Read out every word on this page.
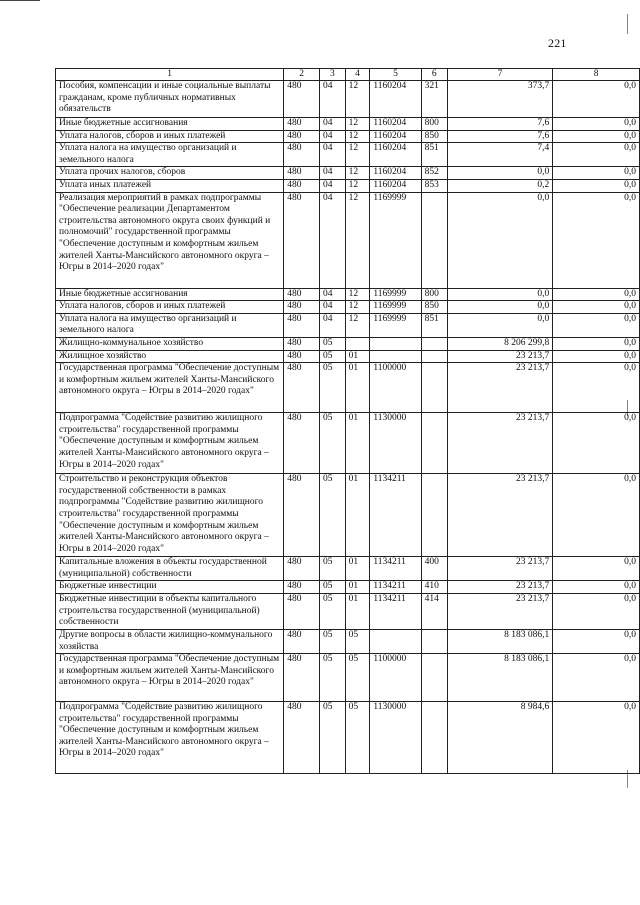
221
1	2	3	4	5	6	7	8
Пособия, компенсации и иные социальные выплаты гражданам, кроме публичных нормативных обязательств	480	04	12	1160204	321	373,7	0,0
Иные бюджетные ассигнования	480	04	12	1160204	800	7,6	0,0
Уплата налогов, сборов и иных платежей	480	04	12	1160204	850	7,6	0,0
Уплата налога на имущество организаций и земельного налога	480	04	12	1160204	851	7,4	0,0
Уплата прочих налогов, сборов	480	04	12	1160204	852	0,0	0,0
Уплата иных платежей	480	04	12	1160204	853	0,2	0,0
Реализация мероприятий в рамках подпрограммы "Обеспечение реализации Департаментом строительства автономного округа своих функций и полномочий" государственной программы "Обеспечение доступным и комфортным жильем жителей Ханты-Мансийского автономного округа – Югры в 2014–2020 годах"	480	04	12	1169999		0,0	0,0
Иные бюджетные ассигнования	480	04	12	1169999	800	0,0	0,0
Уплата налогов, сборов и иных платежей	480	04	12	1169999	850	0,0	0,0
Уплата налога на имущество организаций и земельного налога	480	04	12	1169999	851	0,0	0,0
Жилищно-коммунальное хозяйство	480	05				8 206 299,8	0,0
Жилищное хозяйство	480	05	01			23 213,7	0,0
Государственная программа "Обеспечение доступным и комфортным жильем жителей Ханты-Мансийского автономного округа – Югры в 2014–2020 годах"	480	05	01	1100000		23 213,7	0,0
Подпрограмма "Содействие развитию жилищного строительства" государственной программы "Обеспечение доступным и комфортным жильем жителей Ханты-Мансийского автономного округа – Югры в 2014–2020 годах"	480	05	01	1130000		23 213,7	0,0
Строительство и реконструкция объектов государственной собственности в рамках подпрограммы "Содействие развитию жилищного строительства" государственной программы "Обеспечение доступным и комфортным жильем жителей Ханты-Мансийского автономного округа – Югры в 2014–2020 годах"	480	05	01	1134211		23 213,7	0,0
Капитальные вложения в объекты государственной (муниципальной) собственности	480	05	01	1134211	400	23 213,7	0,0
Бюджетные инвестиции	480	05	01	1134211	410	23 213,7	0,0
Бюджетные инвестиции в объекты капитального строительства государственной (муниципальной) собственности	480	05	01	1134211	414	23 213,7	0,0
Другие вопросы в области жилищно-коммунального хозяйства	480	05	05			8 183 086,1	0,0
Государственная программа "Обеспечение доступным и комфортным жильем жителей Ханты-Мансийского автономного округа – Югры в 2014–2020 годах"	480	05	05	1100000		8 183 086,1	0,0
Подпрограмма "Содействие развитию жилищного строительства" государственной программы "Обеспечение доступным и комфортным жильем жителей Ханты-Мансийского автономного округа – Югры в 2014–2020 годах"	480	05	05	1130000		8 984,6	0,0
